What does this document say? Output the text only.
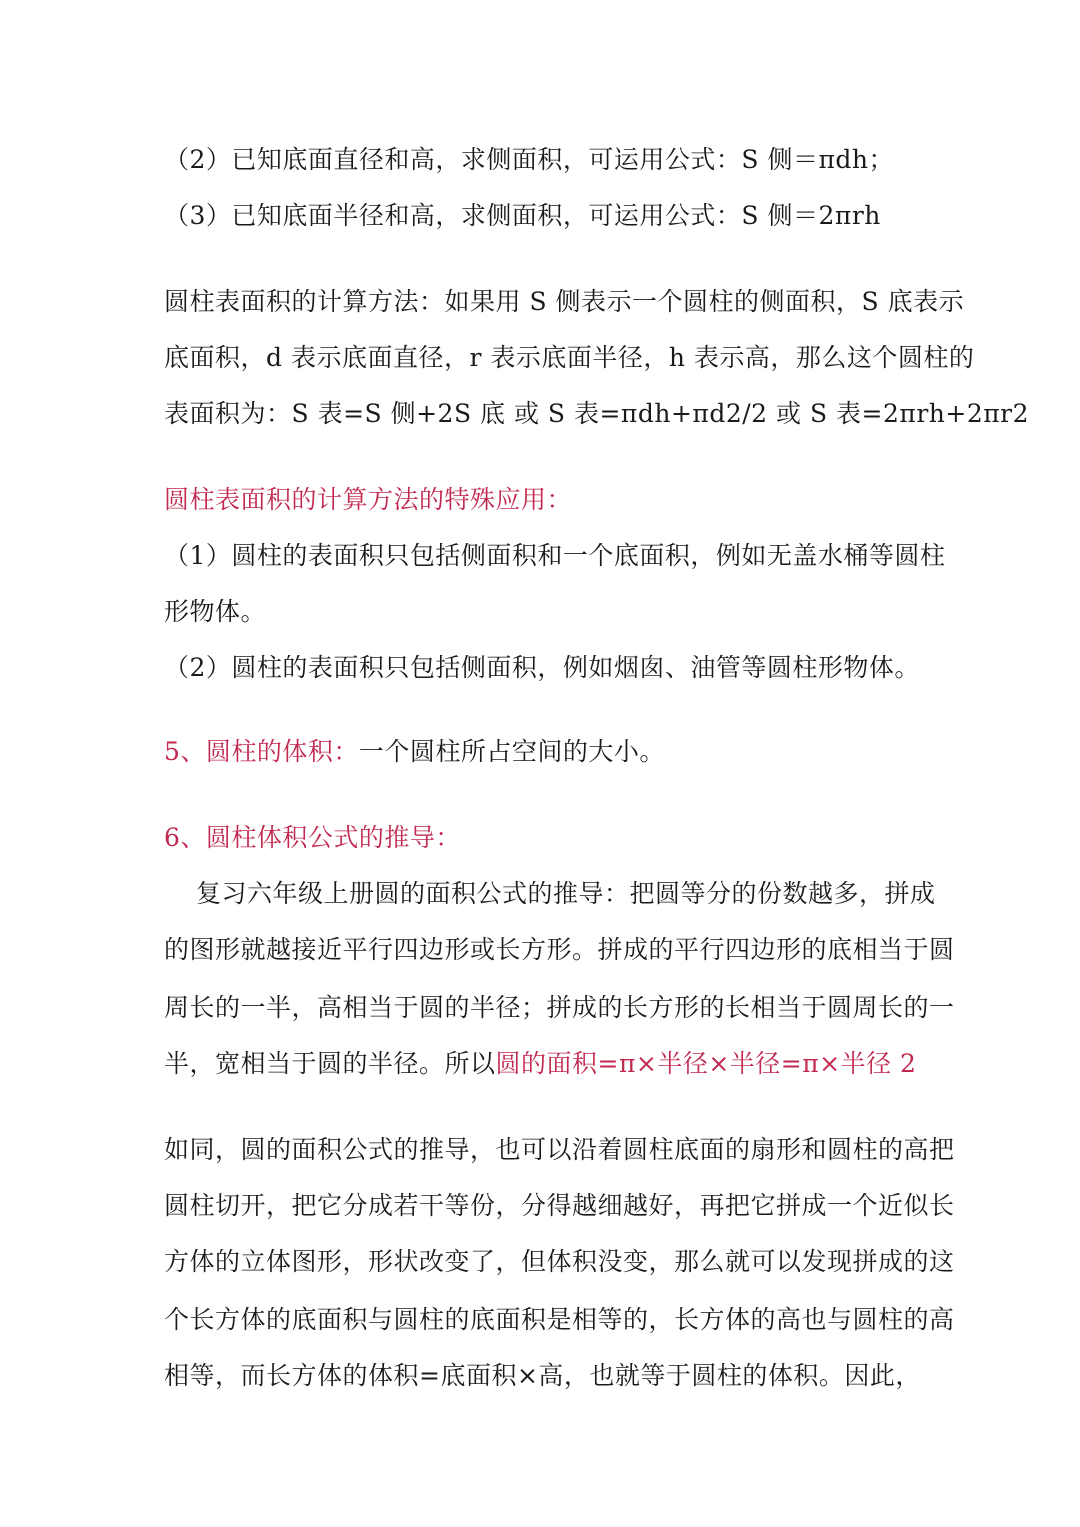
（2）已知底面直径和高，求侧面积，可运用公式：S 侧＝πdh；
（3）已知底面半径和高，求侧面积，可运用公式：S 侧＝2πrh
圆柱表面积的计算方法：如果用 S 侧表示一个圆柱的侧面积，S 底表示
底面积，d 表示底面直径，r 表示底面半径，h 表示高，那么这个圆柱的
表面积为：S 表=S 侧+2S 底 或 S 表=πdh+πd2/2 或 S 表=2πrh+2πr2
圆柱表面积的计算方法的特殊应用：
（1）圆柱的表面积只包括侧面积和一个底面积，例如无盖水桶等圆柱
形物体。
（2）圆柱的表面积只包括侧面积，例如烟囱、油管等圆柱形物体。
5、圆柱的体积：一个圆柱所占空间的大小。
6、圆柱体积公式的推导：
复习六年级上册圆的面积公式的推导：把圆等分的份数越多，拼成
的图形就越接近平行四边形或长方形。拼成的平行四边形的底相当于圆
周长的一半，高相当于圆的半径；拼成的长方形的长相当于圆周长的一
半，宽相当于圆的半径。所以圆的面积=π×半径×半径=π×半径 2
如同，圆的面积公式的推导，也可以沿着圆柱底面的扇形和圆柱的高把
圆柱切开，把它分成若干等份，分得越细越好，再把它拼成一个近似长
方体的立体图形，形状改变了，但体积没变，那么就可以发现拼成的这
个长方体的底面积与圆柱的底面积是相等的，长方体的高也与圆柱的高
相等，而长方体的体积=底面积×高，也就等于圆柱的体积。因此，
